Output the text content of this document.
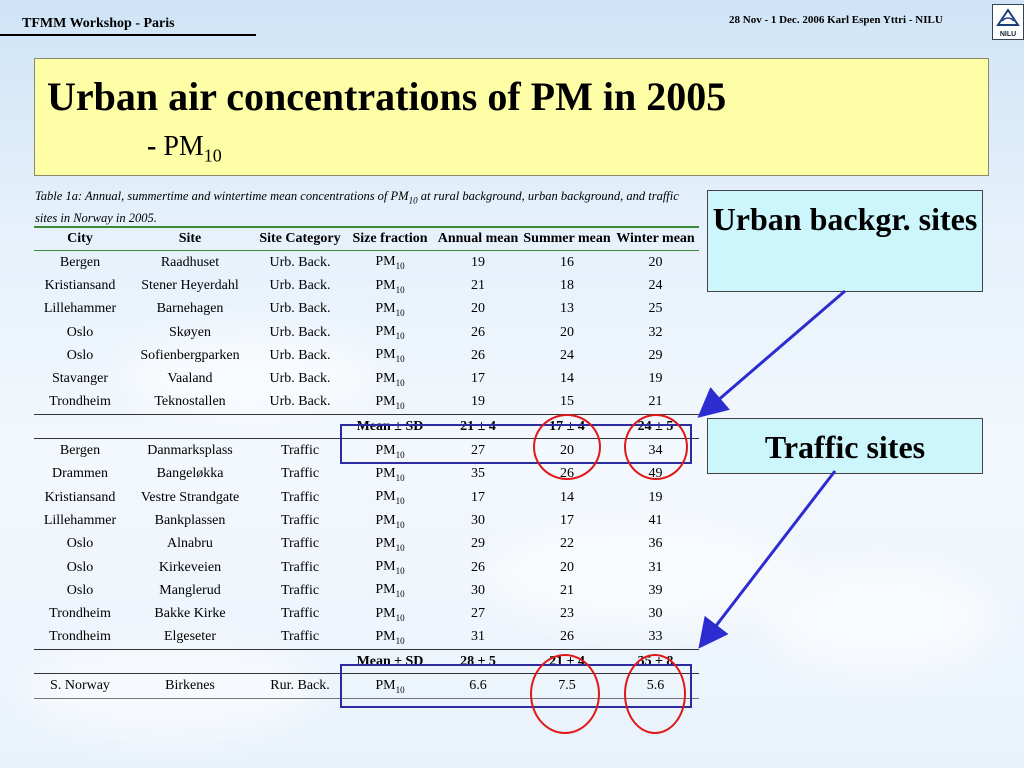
TFMM Workshop - Paris	28 Nov - 1 Dec. 2006 Karl Espen Yttri - NILU
NILU
Urban air concentrations of PM in 2005
- $PM_{10}$
Table 1a: Annual, summertime and wintertime mean concentrations of $PM_{10}$ at rural background, urban background, and traffic sites in Norway in 2005.
City	Site	Site Category	Size fraction	Annual mean	Summer mean	Winter mean
Bergen	Raadhuset	Urb. Back.	$PM_{10}$	19	16	20
Kristiansand	Stener Heyerdahl	Urb. Back.	$PM_{10}$	21	18	24
Lillehammer	Barnehagen	Urb. Back.	$PM_{10}$	20	13	25
Oslo	Skøyen	Urb. Back.	$PM_{10}$	26	20	32
Oslo	Sofienbergparken	Urb. Back.	$PM_{10}$	26	24	29
Stavanger	Vaaland	Urb. Back.	$PM_{10}$	17	14	19
Trondheim	Teknostallen	Urb. Back.	$PM_{10}$	19	15	21
			Mean ± SD	21 ± 4	17 ± 4	24 ± 5
Bergen	Danmarksplass	Traffic	$PM_{10}$	27	20	34
Drammen	Bangeløkka	Traffic	$PM_{10}$	35	26	49
Kristiansand	Vestre Strandgate	Traffic	$PM_{10}$	17	14	19
Lillehammer	Bankplassen	Traffic	$PM_{10}$	30	17	41
Oslo	Alnabru	Traffic	$PM_{10}$	29	22	36
Oslo	Kirkeveien	Traffic	$PM_{10}$	26	20	31
Oslo	Manglerud	Traffic	$PM_{10}$	30	21	39
Trondheim	Bakke Kirke	Traffic	$PM_{10}$	27	23	30
Trondheim	Elgeseter	Traffic	$PM_{10}$	31	26	33
			Mean ± SD	28 ± 5	21 ± 4	35 ± 8
S. Norway	Birkenes	Rur. Back.	$PM_{10}$	6.6	7.5	5.6
Urban backgr. sites
Traffic sites
